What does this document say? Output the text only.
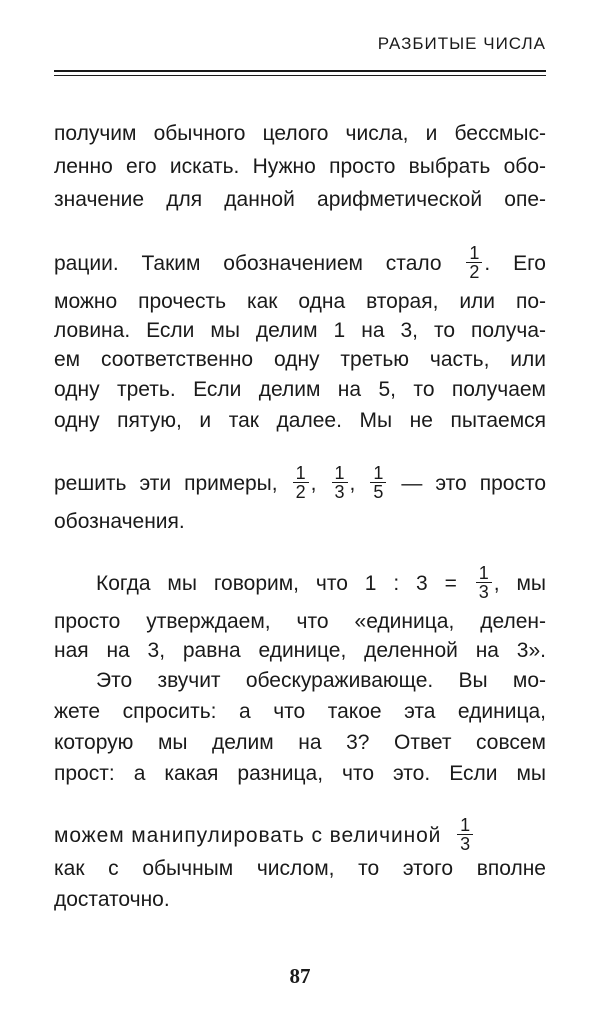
РАЗБИТЫЕ ЧИСЛА
получим обычного целого числа, и бессмыс-
ленно его искать. Нужно просто выбрать обо-
значение для данной арифметической опе-
рации. Таким обозначением стало $\frac{1}{2}$ . Его
можно прочесть как одна вторая, или по-
ловина. Если мы делим 1 на 3, то получа-
ем соответственно одну третью часть, или
одну треть. Если делим на 5, то получаем
одну пятую, и так далее. Мы не пытаемся
решить эти примеры, $\frac{1}{2}$ , $\frac{1}{3}$ , $\frac{1}{5}$ — это просто
обозначения.
Когда мы говорим, что 1 : $3 = \frac{1}{3}$ , мы
просто утверждаем, что «единица, делен-
ная на 3, равна единице, деленной на 3».
Это звучит обескураживающе. Вы мо-
жете спросить: а что такое эта единица,
которую мы делим на 3? Ответ совсем
прост: а какая разница, что это. Если мы
можем манипулировать с величиной $\frac{1}{3}$
как с обычным числом, то этого вполне
достаточно.
87
